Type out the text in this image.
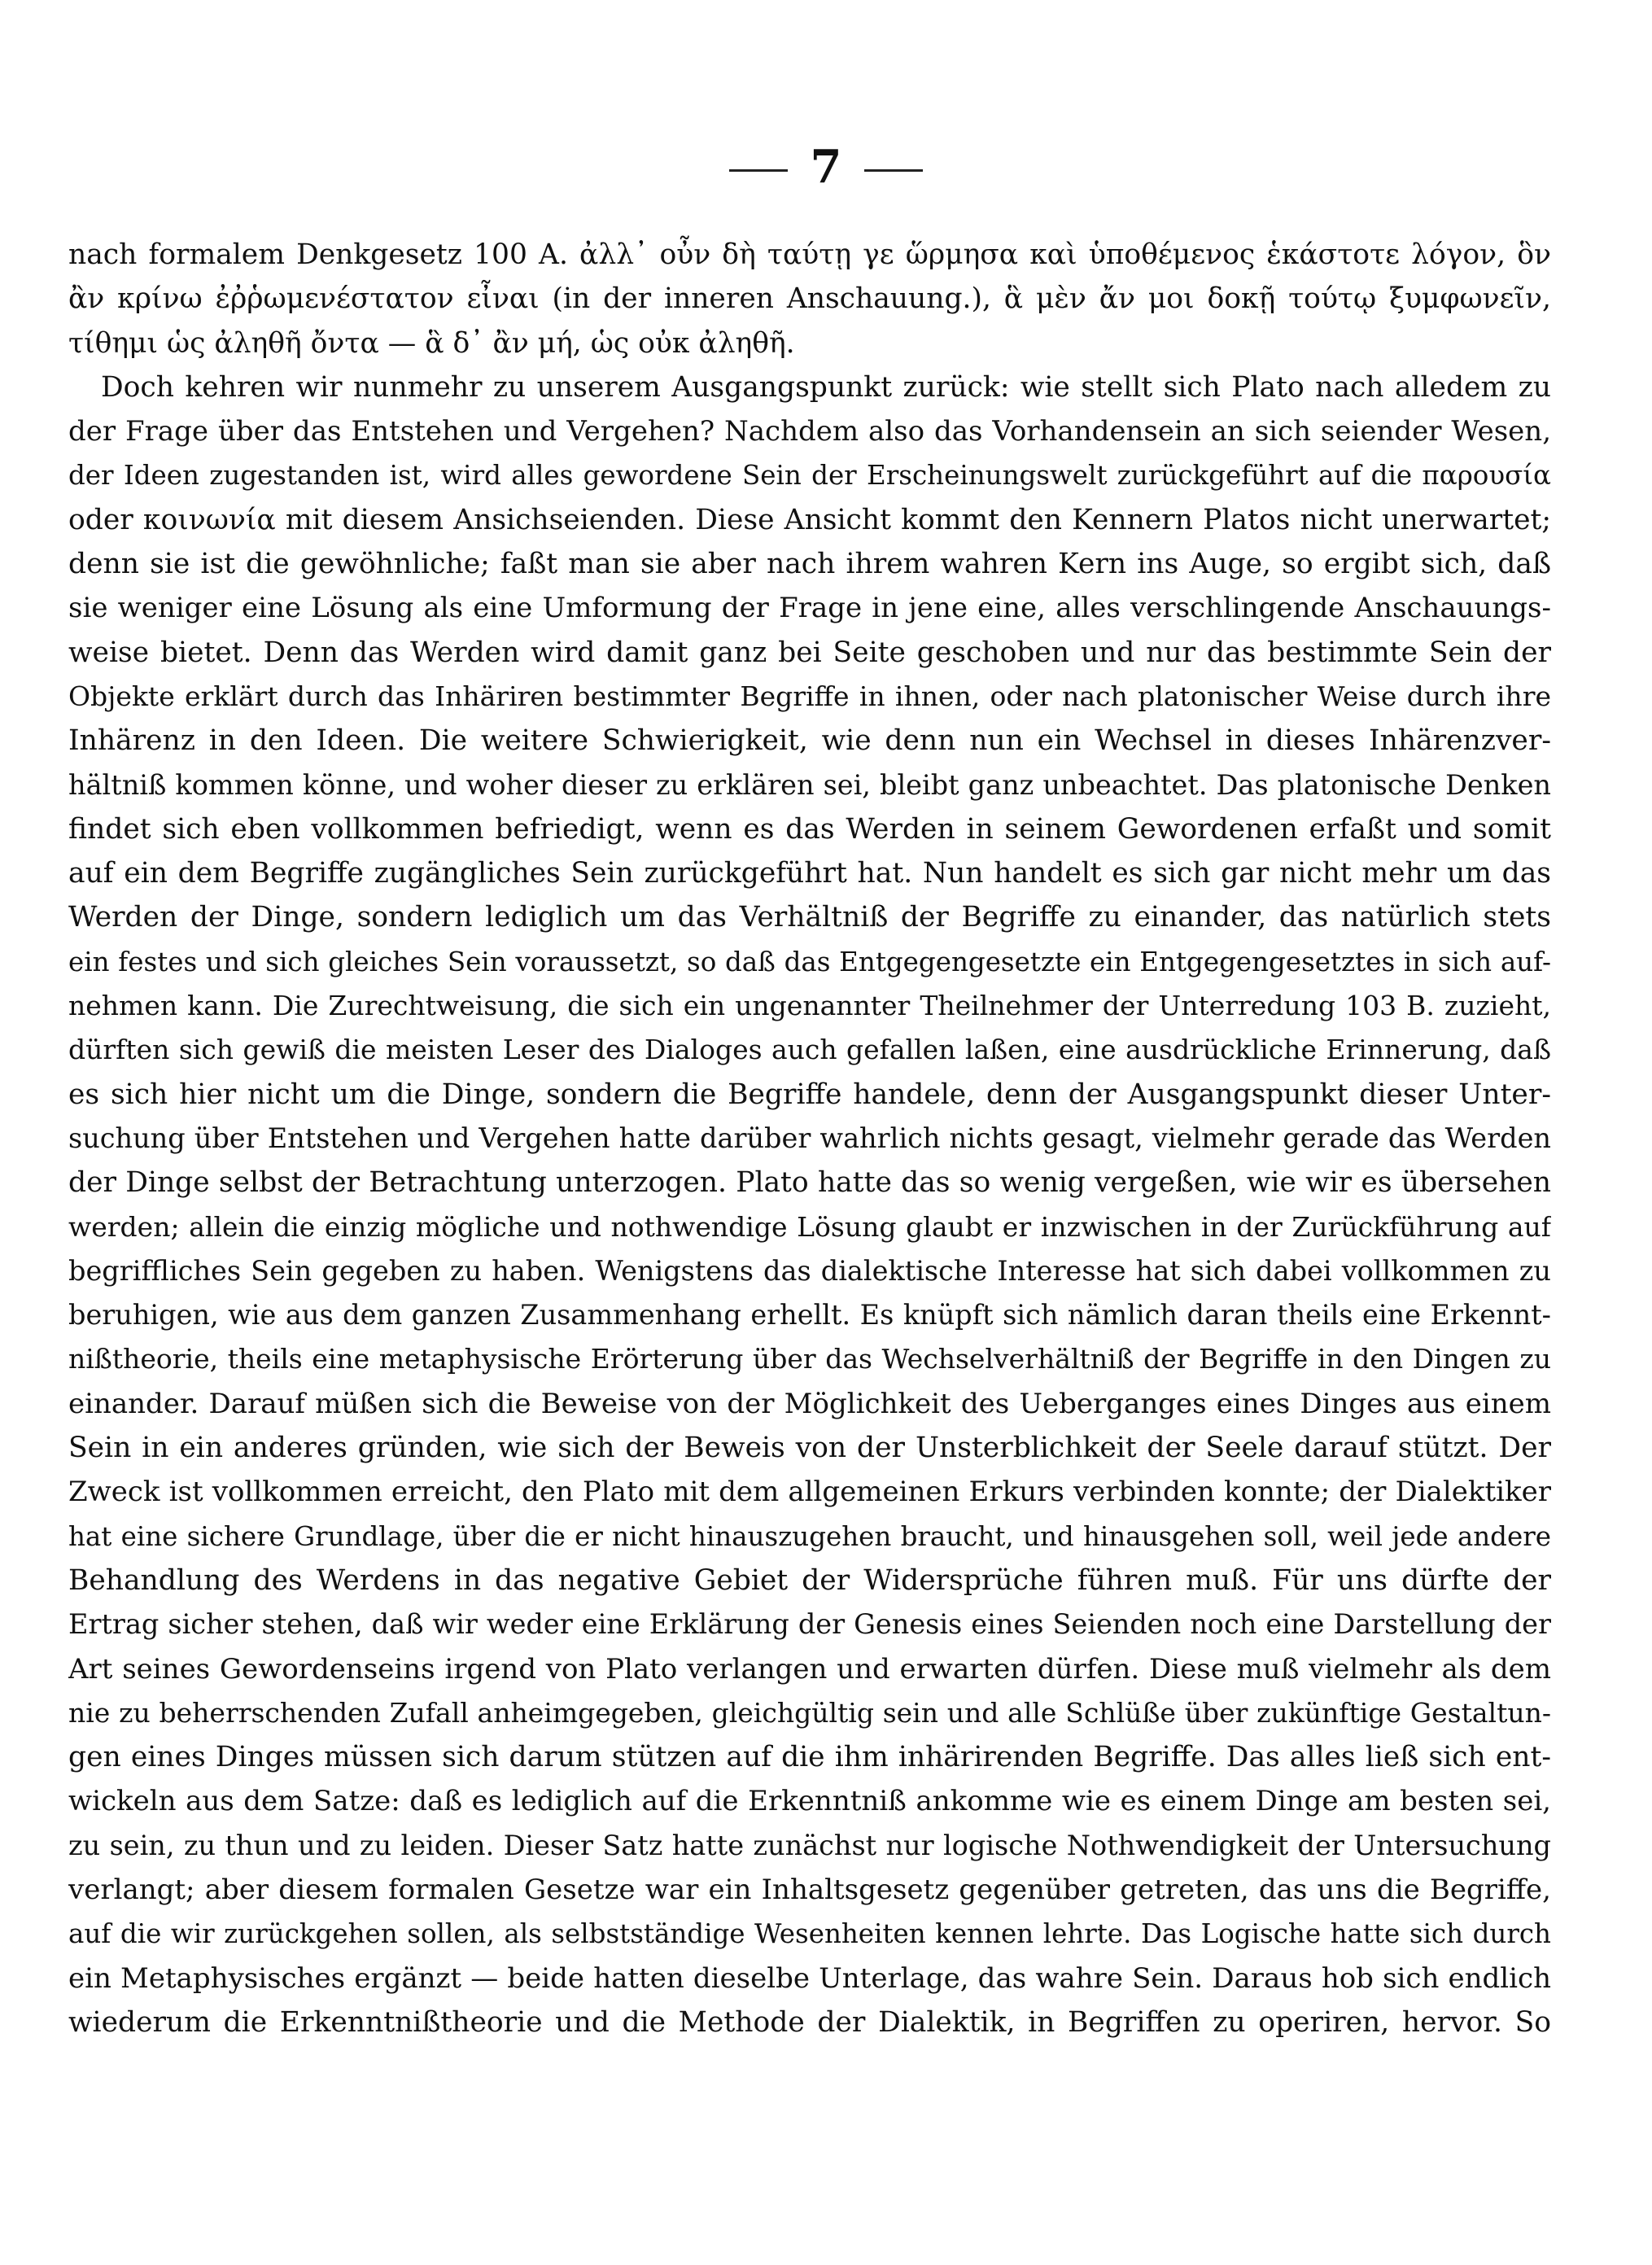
7
nach formalem Denkgesetz 100 A. ἀλλ᾽ οὖν δὴ ταύτῃ γε ὥρμησα καὶ ὑποθέμενος ἑκάστοτε λόγον, ὃν
ἂν κρίνω ἐῤῥωμενέστατον εἶναι (in der inneren Anschauung.), ἃ μὲν ἄν μοι δοκῇ τούτῳ ξυμφωνεῖν,
τίθημι ὡς ἀληθῆ ὄντα — ἃ δ᾽ ἂν μή, ὡς οὐκ ἀληθῆ.
Doch kehren wir nunmehr zu unserem Ausgangspunkt zurück: wie stellt sich Plato nach alledem zu
der Frage über das Entstehen und Vergehen? Nachdem also das Vorhandensein an sich seiender Wesen,
der Ideen zugestanden ist, wird alles gewordene Sein der Erscheinungswelt zurückgeführt auf die παρουσία
oder κοινωνία mit diesem Ansichseienden. Diese Ansicht kommt den Kennern Platos nicht unerwartet;
denn sie ist die gewöhnliche; faßt man sie aber nach ihrem wahren Kern ins Auge, so ergibt sich, daß
sie weniger eine Lösung als eine Umformung der Frage in jene eine, alles verschlingende Anschauungs-
weise bietet. Denn das Werden wird damit ganz bei Seite geschoben und nur das bestimmte Sein der
Objekte erklärt durch das Inhäriren bestimmter Begriffe in ihnen, oder nach platonischer Weise durch ihre
Inhärenz in den Ideen. Die weitere Schwierigkeit, wie denn nun ein Wechsel in dieses Inhärenzver-
hältniß kommen könne, und woher dieser zu erklären sei, bleibt ganz unbeachtet. Das platonische Denken
findet sich eben vollkommen befriedigt, wenn es das Werden in seinem Gewordenen erfaßt und somit
auf ein dem Begriffe zugängliches Sein zurückgeführt hat. Nun handelt es sich gar nicht mehr um das
Werden der Dinge, sondern lediglich um das Verhältniß der Begriffe zu einander, das natürlich stets
ein festes und sich gleiches Sein voraussetzt, so daß das Entgegengesetzte ein Entgegengesetztes in sich auf-
nehmen kann. Die Zurechtweisung, die sich ein ungenannter Theilnehmer der Unterredung 103 B. zuzieht,
dürften sich gewiß die meisten Leser des Dialoges auch gefallen laßen, eine ausdrückliche Erinnerung, daß
es sich hier nicht um die Dinge, sondern die Begriffe handele, denn der Ausgangspunkt dieser Unter-
suchung über Entstehen und Vergehen hatte darüber wahrlich nichts gesagt, vielmehr gerade das Werden
der Dinge selbst der Betrachtung unterzogen. Plato hatte das so wenig vergeßen, wie wir es übersehen
werden; allein die einzig mögliche und nothwendige Lösung glaubt er inzwischen in der Zurückführung auf
begriffliches Sein gegeben zu haben. Wenigstens das dialektische Interesse hat sich dabei vollkommen zu
beruhigen, wie aus dem ganzen Zusammenhang erhellt. Es knüpft sich nämlich daran theils eine Erkennt-
nißtheorie, theils eine metaphysische Erörterung über das Wechselverhältniß der Begriffe in den Dingen zu
einander. Darauf müßen sich die Beweise von der Möglichkeit des Ueberganges eines Dinges aus einem
Sein in ein anderes gründen, wie sich der Beweis von der Unsterblichkeit der Seele darauf stützt. Der
Zweck ist vollkommen erreicht, den Plato mit dem allgemeinen Erkurs verbinden konnte; der Dialektiker
hat eine sichere Grundlage, über die er nicht hinauszugehen braucht, und hinausgehen soll, weil jede andere
Behandlung des Werdens in das negative Gebiet der Widersprüche führen muß. Für uns dürfte der
Ertrag sicher stehen, daß wir weder eine Erklärung der Genesis eines Seienden noch eine Darstellung der
Art seines Gewordenseins irgend von Plato verlangen und erwarten dürfen. Diese muß vielmehr als dem
nie zu beherrschenden Zufall anheimgegeben, gleichgültig sein und alle Schlüße über zukünftige Gestaltun-
gen eines Dinges müssen sich darum stützen auf die ihm inhärirenden Begriffe. Das alles ließ sich ent-
wickeln aus dem Satze: daß es lediglich auf die Erkenntniß ankomme wie es einem Dinge am besten sei,
zu sein, zu thun und zu leiden. Dieser Satz hatte zunächst nur logische Nothwendigkeit der Untersuchung
verlangt; aber diesem formalen Gesetze war ein Inhaltsgesetz gegenüber getreten, das uns die Begriffe,
auf die wir zurückgehen sollen, als selbstständige Wesenheiten kennen lehrte. Das Logische hatte sich durch
ein Metaphysisches ergänzt — beide hatten dieselbe Unterlage, das wahre Sein. Daraus hob sich endlich
wiederum die Erkenntnißtheorie und die Methode der Dialektik, in Begriffen zu operiren, hervor. So
